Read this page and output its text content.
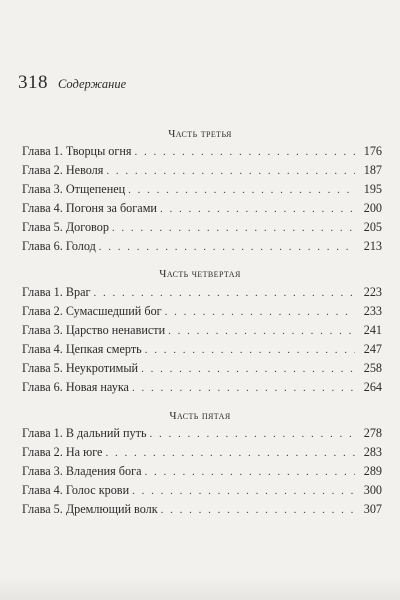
318 Содержание
Часть третья
Глава 1. Творцы огня . . .	176
Глава 2. Неволя . . .	187
Глава 3. Отщепенец . . .	195
Глава 4. Погоня за богами . . .	200
Глава 5. Договор . . .	205
Глава 6. Голод . . .	213
Часть четвертая
Глава 1. Враг . . .	223
Глава 2. Сумасшедший бог . . .	233
Глава 3. Царство ненависти . . .	241
Глава 4. Цепкая смерть . . .	247
Глава 5. Неукротимый . . .	258
Глава 6. Новая наука . . .	264
Часть пятая
Глава 1. В дальний путь . . .	278
Глава 2. На юге . . .	283
Глава 3. Владения бога . . .	289
Глава 4. Голос крови . . .	300
Глава 5. Дремлющий волк . . .	307
